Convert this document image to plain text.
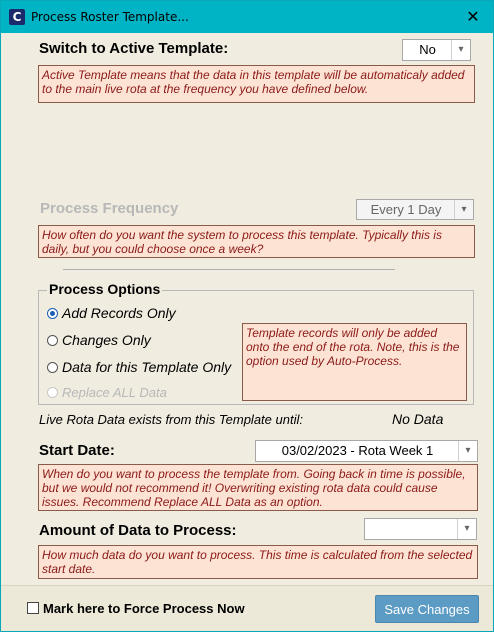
C Process Roster Template...	✕
Switch to Active Template:	No	▾
Active Template means that the data in this template will be automaticaly added to the main live rota at the frequency you have defined below.
Process Frequency	Every 1 Day	▾
How often do you want the system to process this template. Typically this is daily, but you could choose once a week?
Process Options
Add Records Only
Changes Only
Data for this Template Only
Replace ALL Data
Template records will only be added onto the end of the rota. Note, this is the option used by Auto-Process.
Live Rota Data exists from this Template until:	No Data
Start Date:	03/02/2023 - Rota Week 1	▾
When do you want to process the template from. Going back in time is possible, but we would not recommend it! Overwriting existing rota data could cause issues. Recommend Replace ALL Data as an option.
Amount of Data to Process:	▾
How much data do you want to process. This time is calculated from the selected start date.
Mark here to Force Process Now	Save Changes
